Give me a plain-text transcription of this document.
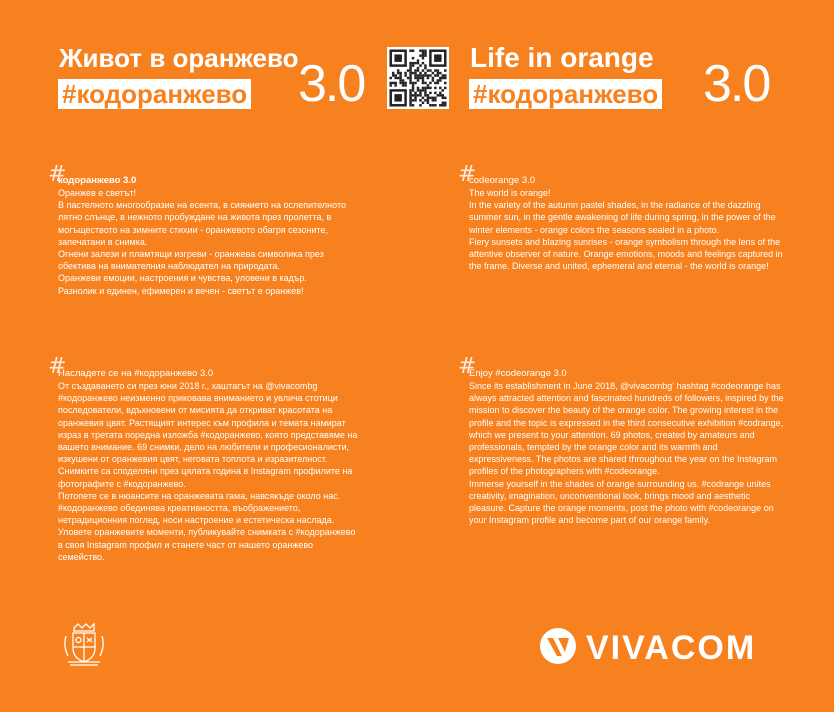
Живот в оранжево
#кодоранжево 3.0	Life in orange
#кодоранжево 3.0
#
кодоранжево 3.0

Оранжев е светът!

В пастелното многообразие на есента, в сиянието на ослепителното лятно слънце, в нежното пробуждане на живота през пролетта, в могъществото на зимните стихии - оранжевото обагря сезоните, запечатани в снимка.

Огнени залези и пламтящи изгреви - оранжева символика през обектива на внимателния наблюдател на природата.

Оранжеви емоции, настроения и чувства, уловени в кадър.

Разнолик и единен, ефимерен и вечен - светът е оранжев!

#
codeorange 3.0

The world is orange!

In the variety of the autumn pastel shades, in the radiance of the dazzling summer sun, in the gentle awakening of life during spring, in the power of the winter elements - orange colors the seasons sealed in a photo.

Fiery sunsets and blazing sunrises - orange symbolism through the lens of the attentive observer of nature. Orange emotions, moods and feelings captured in the frame. Diverse and united, ephemeral and eternal - the world is orange!

#
Насладете се на #кодоранжево 3.0

От създаването си през юни 2018 г., хаштагът на @vivacombg #кодоранжево неизменно приковава вниманието и увлича стотици последователи, вдъхновени от мисията да откриват красотата на оранжевия цвят. Растящият интерес към профила и темата намират израз в третата поредна изложба #кодоранжево, която представяме на вашето внимание. 69 снимки, дело на любители и професионалисти, изкушени от оранжевия цвят, неговата топлота и изразителност. Снимките са споделяни през цялата година в Instagram профилите на фотографите с #кодоранжево.

Потопете се в нюансите на оранжевата гама, навсякъде около нас. #кодоранжево обединява креативността, въображението, нетрадиционния поглед, носи настроение и естетическа наслада. Уловете оранжевите моменти, публикувайте снимката с #кодоранжево в своя Instagram профил и станете част от нашето оранжево семейство.

#
Enjoy #codeorange 3.0

Since its establishment in June 2018, @vivacombg' hashtag #codeorange has always attracted attention and fascinated hundreds of followers, inspired by the mission to discover the beauty of the orange color. The growing interest in the profile and the topic is expressed in the third consecutive exhibition #codrange, which we present to your attention. 69 photos, created by amateurs and professionals, tempted by the orange color and its warmth and expressiveness. The photos are shared throughout the year on the Instagram profiles of the photographers with #codeorange.

Immerse yourself in the shades of orange surrounding us. #codrange unites creativity, imagination, unconventional look, brings mood and aesthetic pleasure. Capture the orange moments, post the photo with #codeorange on your Instagram profile and become part of our orange family.

VIVACOM
